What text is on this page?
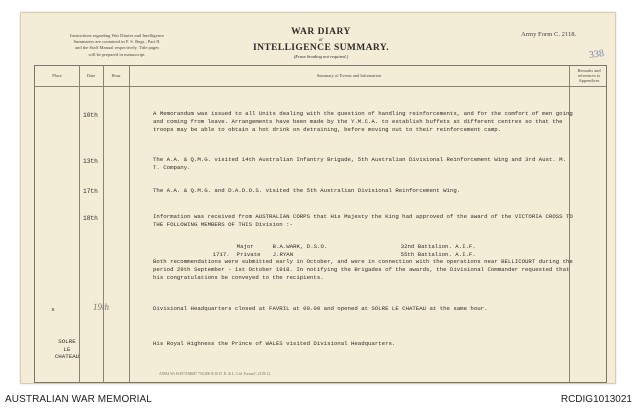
Instructions regarding War Diaries and Intelligence
Summaries are contained in F. S. Regs., Part II.
and the Staff Manual respectively. Title pages
will be prepared in manuscript.
WAR DIARY
or
INTELLIGENCE SUMMARY.
(Erase heading not required.)
Army Form C. 2118.
338
Place	Date	Hour	Summary of Events and Information
Remarks and references to Appendices
10th	A Memorandum was issued to all Units dealing with the question of handling reinforcements, and for the comfort of men going and coming from leave. Arrangements have been made by the Y.M.C.A. to establish buffets at different centres so that the troops may be able to obtain a hot drink on detraining, before moving out to their reinforcement camp.
13th	The A.A. & Q.M.G. visited 14th Australian Infantry Brigade, 5th Australian Divisional Reinforcement Wing and 3rd Aust. M. T. Company.
17th	The A.A. & Q.M.G. and D.A.D.O.S. visited the 5th Australian Divisional Reinforcement Wing.
18th	Information was received from AUSTRALIAN CORPS that His Majesty the King had approved of the award of the VICTORIA CROSS TO THE FOLLOWING MEMBERS OF THIS Division :-

Major	B.A.WARK, D.S.O.	32nd Battalion. A.I.F.

1717. Private J.RYAN	55th Battalion. A.I.F.

Both recommendations were submitted early in October, and were in connection with the operations near BELLICOURT during the period 29th September - 1st October 1918. In notifying the Brigades of the awards, the Divisional Commander requested that his congratulations be conveyed to the recipients.
x	19th	Divisional Headquarters closed at FAVRIL at 09.00 and opened at SOLRE LE CHATEAU at the same hour.
SOLRE
LE
CHATEAU
His Royal Highness the Prince of WALES visited Divisional Headquarters.
A5834 Wt W4973/M687 750,000 8/16 D. D. & L. Ltd. Forms/C.2118/12.
AUSTRALIAN WAR MEMORIAL	RCDIG1013021
